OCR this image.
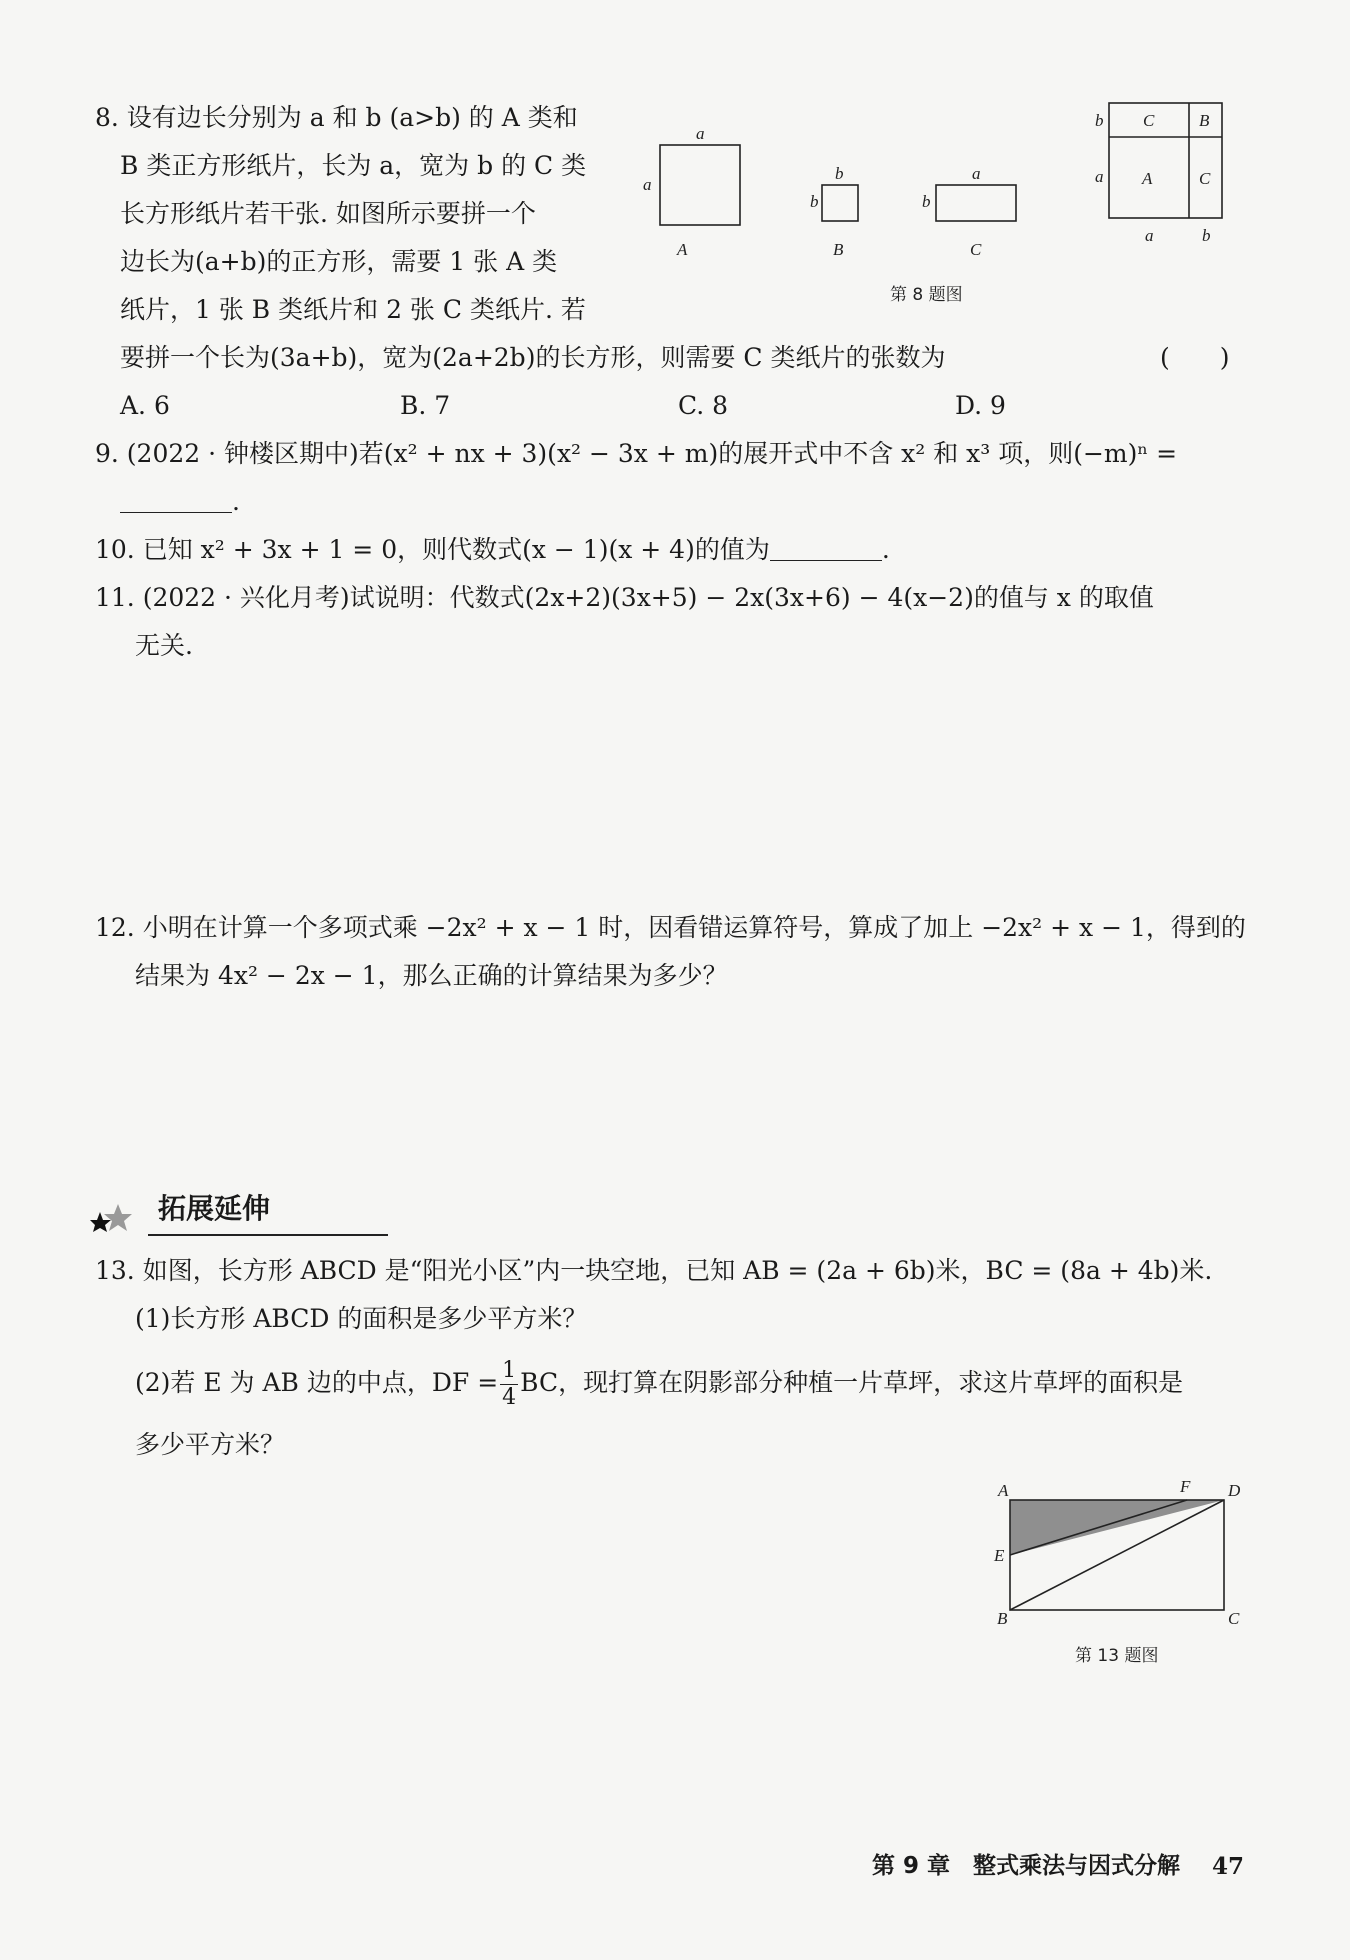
8. 设有边长分别为 a 和 b (a>b) 的 A 类和
B 类正方形纸片，长为 a，宽为 b 的 C 类
长方形纸片若干张. 如图所示要拼一个
边长为(a+b)的正方形，需要 1 张 A 类
纸片，1 张 B 类纸片和 2 张 C 类纸片. 若
要拼一个长为(3a+b)，宽为(2a+2b)的长方形，则需要 C 类纸片的张数为	(　　)
A. 6	B. 7	C. 8	D. 9
a
a
A
b
b
B
a
b
C
b
a
C	B
A	C
a	b
第 8 题图
9. (2022 · 钟楼区期中)若(x² + nx + 3)(x² − 3x + m)的展开式中不含 x² 和 x³ 项，则(−m)ⁿ =
.
10. 已知 x² + 3x + 1 = 0，则代数式(x − 1)(x + 4)的值为	.
11. (2022 · 兴化月考)试说明：代数式(2x+2)(3x+5) − 2x(3x+6) − 4(x−2)的值与 x 的取值
无关.
12. 小明在计算一个多项式乘 −2x² + x − 1 时，因看错运算符号，算成了加上 −2x² + x − 1，得到的
结果为 4x² − 2x − 1，那么正确的计算结果为多少？
拓展延伸
13. 如图，长方形 ABCD 是“阳光小区”内一块空地，已知 AB = (2a + 6b)米，BC = (8a + 4b)米.
(1)长方形 ABCD 的面积是多少平方米？
(2)若 E 为 AB 边的中点，DF = $\frac{1}{4}$ BC，现打算在阴影部分种植一片草坪，求这片草坪的面积是
多少平方米？
A	F D
E
B	C
第 13 题图
第 9 章　整式乘法与因式分解 47
